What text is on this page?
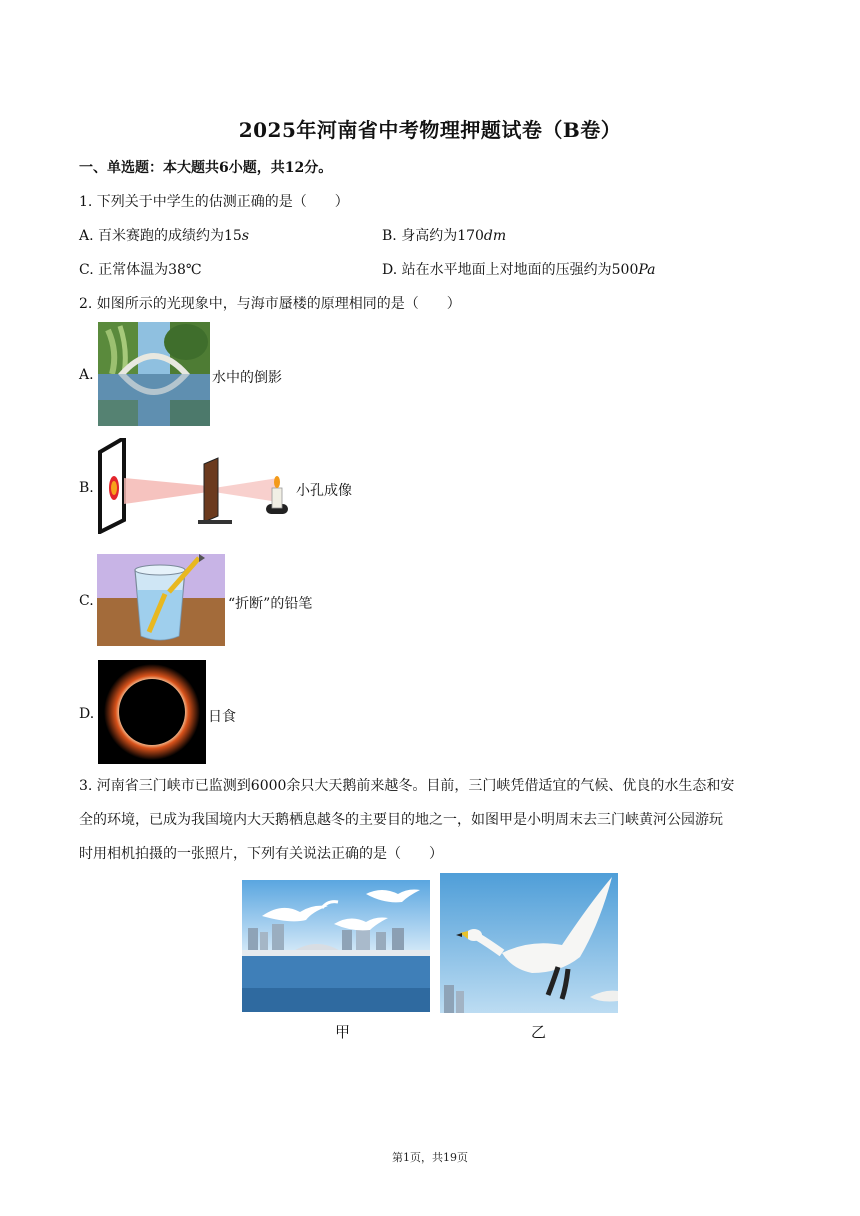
2025年河南省中考物理押题试卷（B卷）
一、单选题：本大题共6小题，共12分。
1. 下列关于中学生的估测正确的是（　　）
A. 百米赛跑的成绩约为15s	B. 身高约为170dm
C. 正常体温为38℃	D. 站在水平地面上对地面的压强约为500Pa
2. 如图所示的光现象中，与海市蜃楼的原理相同的是（　　）
A.	水中的倒影
B.	小孔成像
C.	“折断”的铅笔
D.	日食
3. 河南省三门峡市已监测到6000余只大天鹅前来越冬。目前，三门峡凭借适宜的气候、优良的水生态和安
全的环境，已成为我国境内大天鹅栖息越冬的主要目的地之一，如图甲是小明周末去三门峡黄河公园游玩
时用相机拍摄的一张照片，下列有关说法正确的是（　　）
甲	乙
第1页，共19页
